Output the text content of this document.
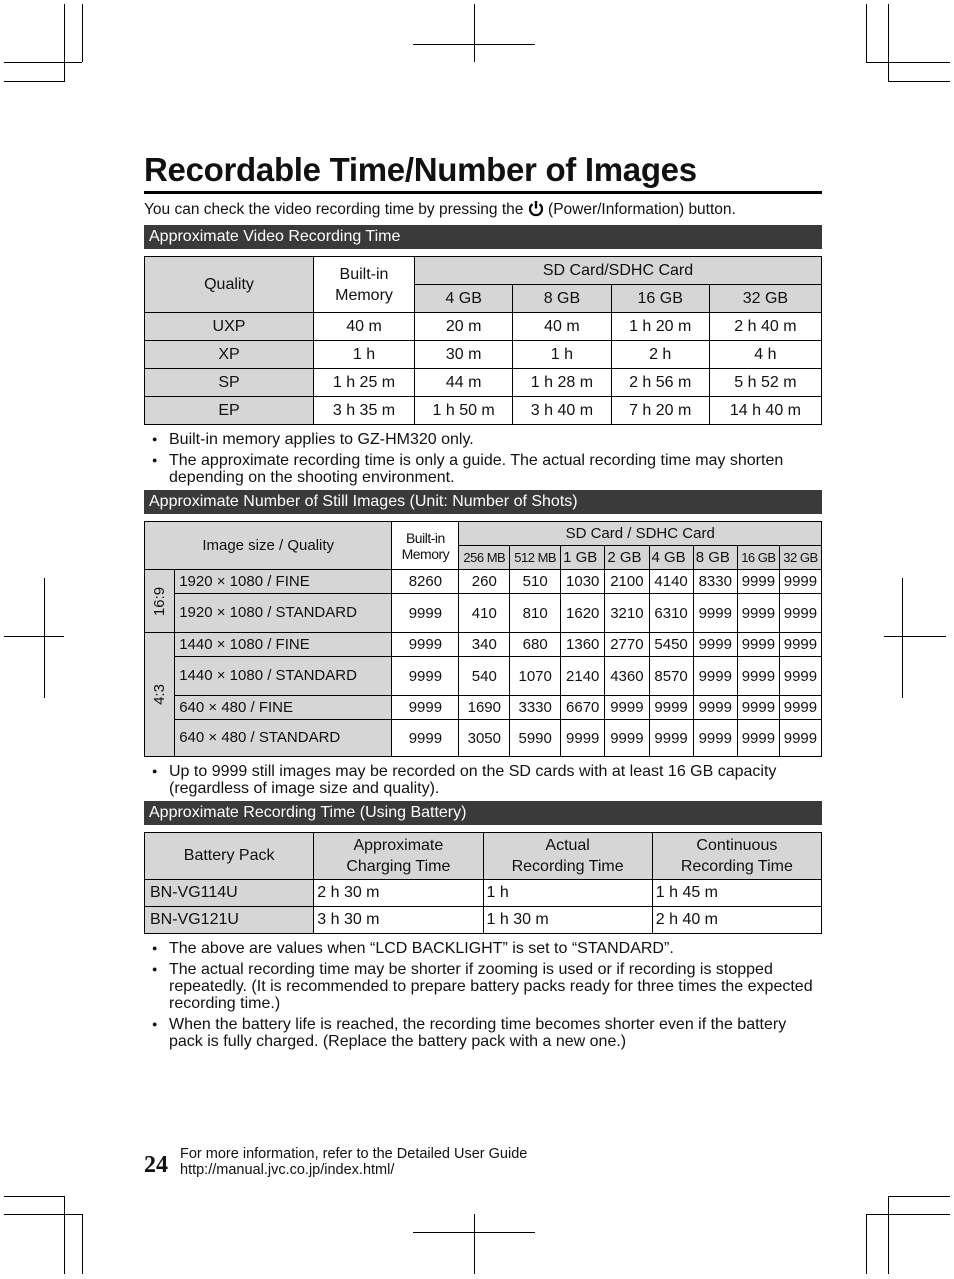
Recordable Time/Number of Images
You can check the video recording time by pressing the (Power/Information) button.
Approximate Video Recording Time
Quality	Built-in Memory	SD Card/SDHC Card			
		4 GB	8 GB	16 GB	32 GB
UXP	40 m	20 m	40 m	1 h 20 m	2 h 40 m
XP	1 h	30 m	1 h	2 h	4 h
SP	1 h 25 m	44 m	1 h 28 m	2 h 56 m	5 h 52 m
EP	3 h 35 m	1 h 50 m	3 h 40 m	7 h 20 m	14 h 40 m
● Built-in memory applies to GZ-HM320 only.
● The approximate recording time is only a guide. The actual recording time may shorten depending on the shooting environment.
Approximate Number of Still Images (Unit: Number of Shots)
Image size / Quality		Built-in Memory	SD Card / SDHC Card							
			256 MB	512 MB	1 GB	2 GB	4 GB	8 GB	16 GB	32 GB
16:9	1920 × 1080 / FINE	8260	260	510	1030	2100	4140	8330	9999	9999
	1920 × 1080 / STANDARD	9999	410	810	1620	3210	6310	9999	9999	9999
4:3	1440 × 1080 / FINE	9999	340	680	1360	2770	5450	9999	9999	9999
	1440 × 1080 / STANDARD	9999	540	1070	2140	4360	8570	9999	9999	9999
	640 × 480 / FINE	9999	1690	3330	6670	9999	9999	9999	9999	9999
	640 × 480 / STANDARD	9999	3050	5990	9999	9999	9999	9999	9999	9999
● Up to 9999 still images may be recorded on the SD cards with at least 16 GB capacity (regardless of image size and quality).
Approximate Recording Time (Using Battery)
Battery Pack	Approximate Charging Time	Actual Recording Time	Continuous Recording Time
BN-VG114U	2 h 30 m	1 h	1 h 45 m
BN-VG121U	3 h 30 m	1 h 30 m	2 h 40 m
● The above are values when “LCD BACKLIGHT” is set to “STANDARD”.
● The actual recording time may be shorter if zooming is used or if recording is stopped repeatedly. (It is recommended to prepare battery packs ready for three times the expected recording time.)
● When the battery life is reached, the recording time becomes shorter even if the battery pack is fully charged. (Replace the battery pack with a new one.)
24 For more information, refer to the Detailed User Guide
http://manual.jvc.co.jp/index.html/
